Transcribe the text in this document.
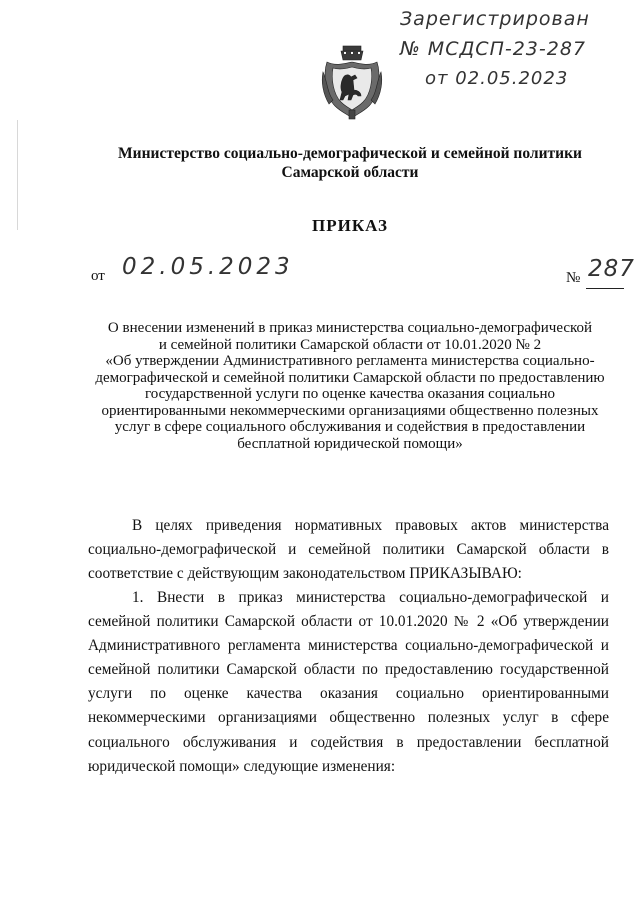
Зарегистрирован
№ МСДСП-23-287
от 02.05.2023
Министерство социально-демографической и семейной политики
Самарской области
ПРИКАЗ
от 02.05.2023	№ 287
О внесении изменений в приказ министерства социально-демографической
и семейной политики Самарской области от 10.01.2020 № 2
«Об утверждении Административного регламента министерства социально-
демографической и семейной политики Самарской области по предоставлению
государственной услуги по оценке качества оказания социально
ориентированными некоммерческими организациями общественно полезных
услуг в сфере социального обслуживания и содействия в предоставлении
бесплатной юридической помощи»

В целях приведения нормативных правовых актов министерства социально-демографической и семейной политики Самарской области в соответствие с действующим законодательством ПРИКАЗЫВАЮ:

1. Внести в приказ министерства социально-демографической и семейной политики Самарской области от 10.01.2020 № 2 «Об утверждении Административного регламента министерства социально-демографической и семейной политики Самарской области по предоставлению государственной услуги по оценке качества оказания социально ориентированными некоммерческими организациями общественно полезных услуг в сфере социального обслуживания и содействия в предоставлении бесплатной юридической помощи» следующие изменения:
